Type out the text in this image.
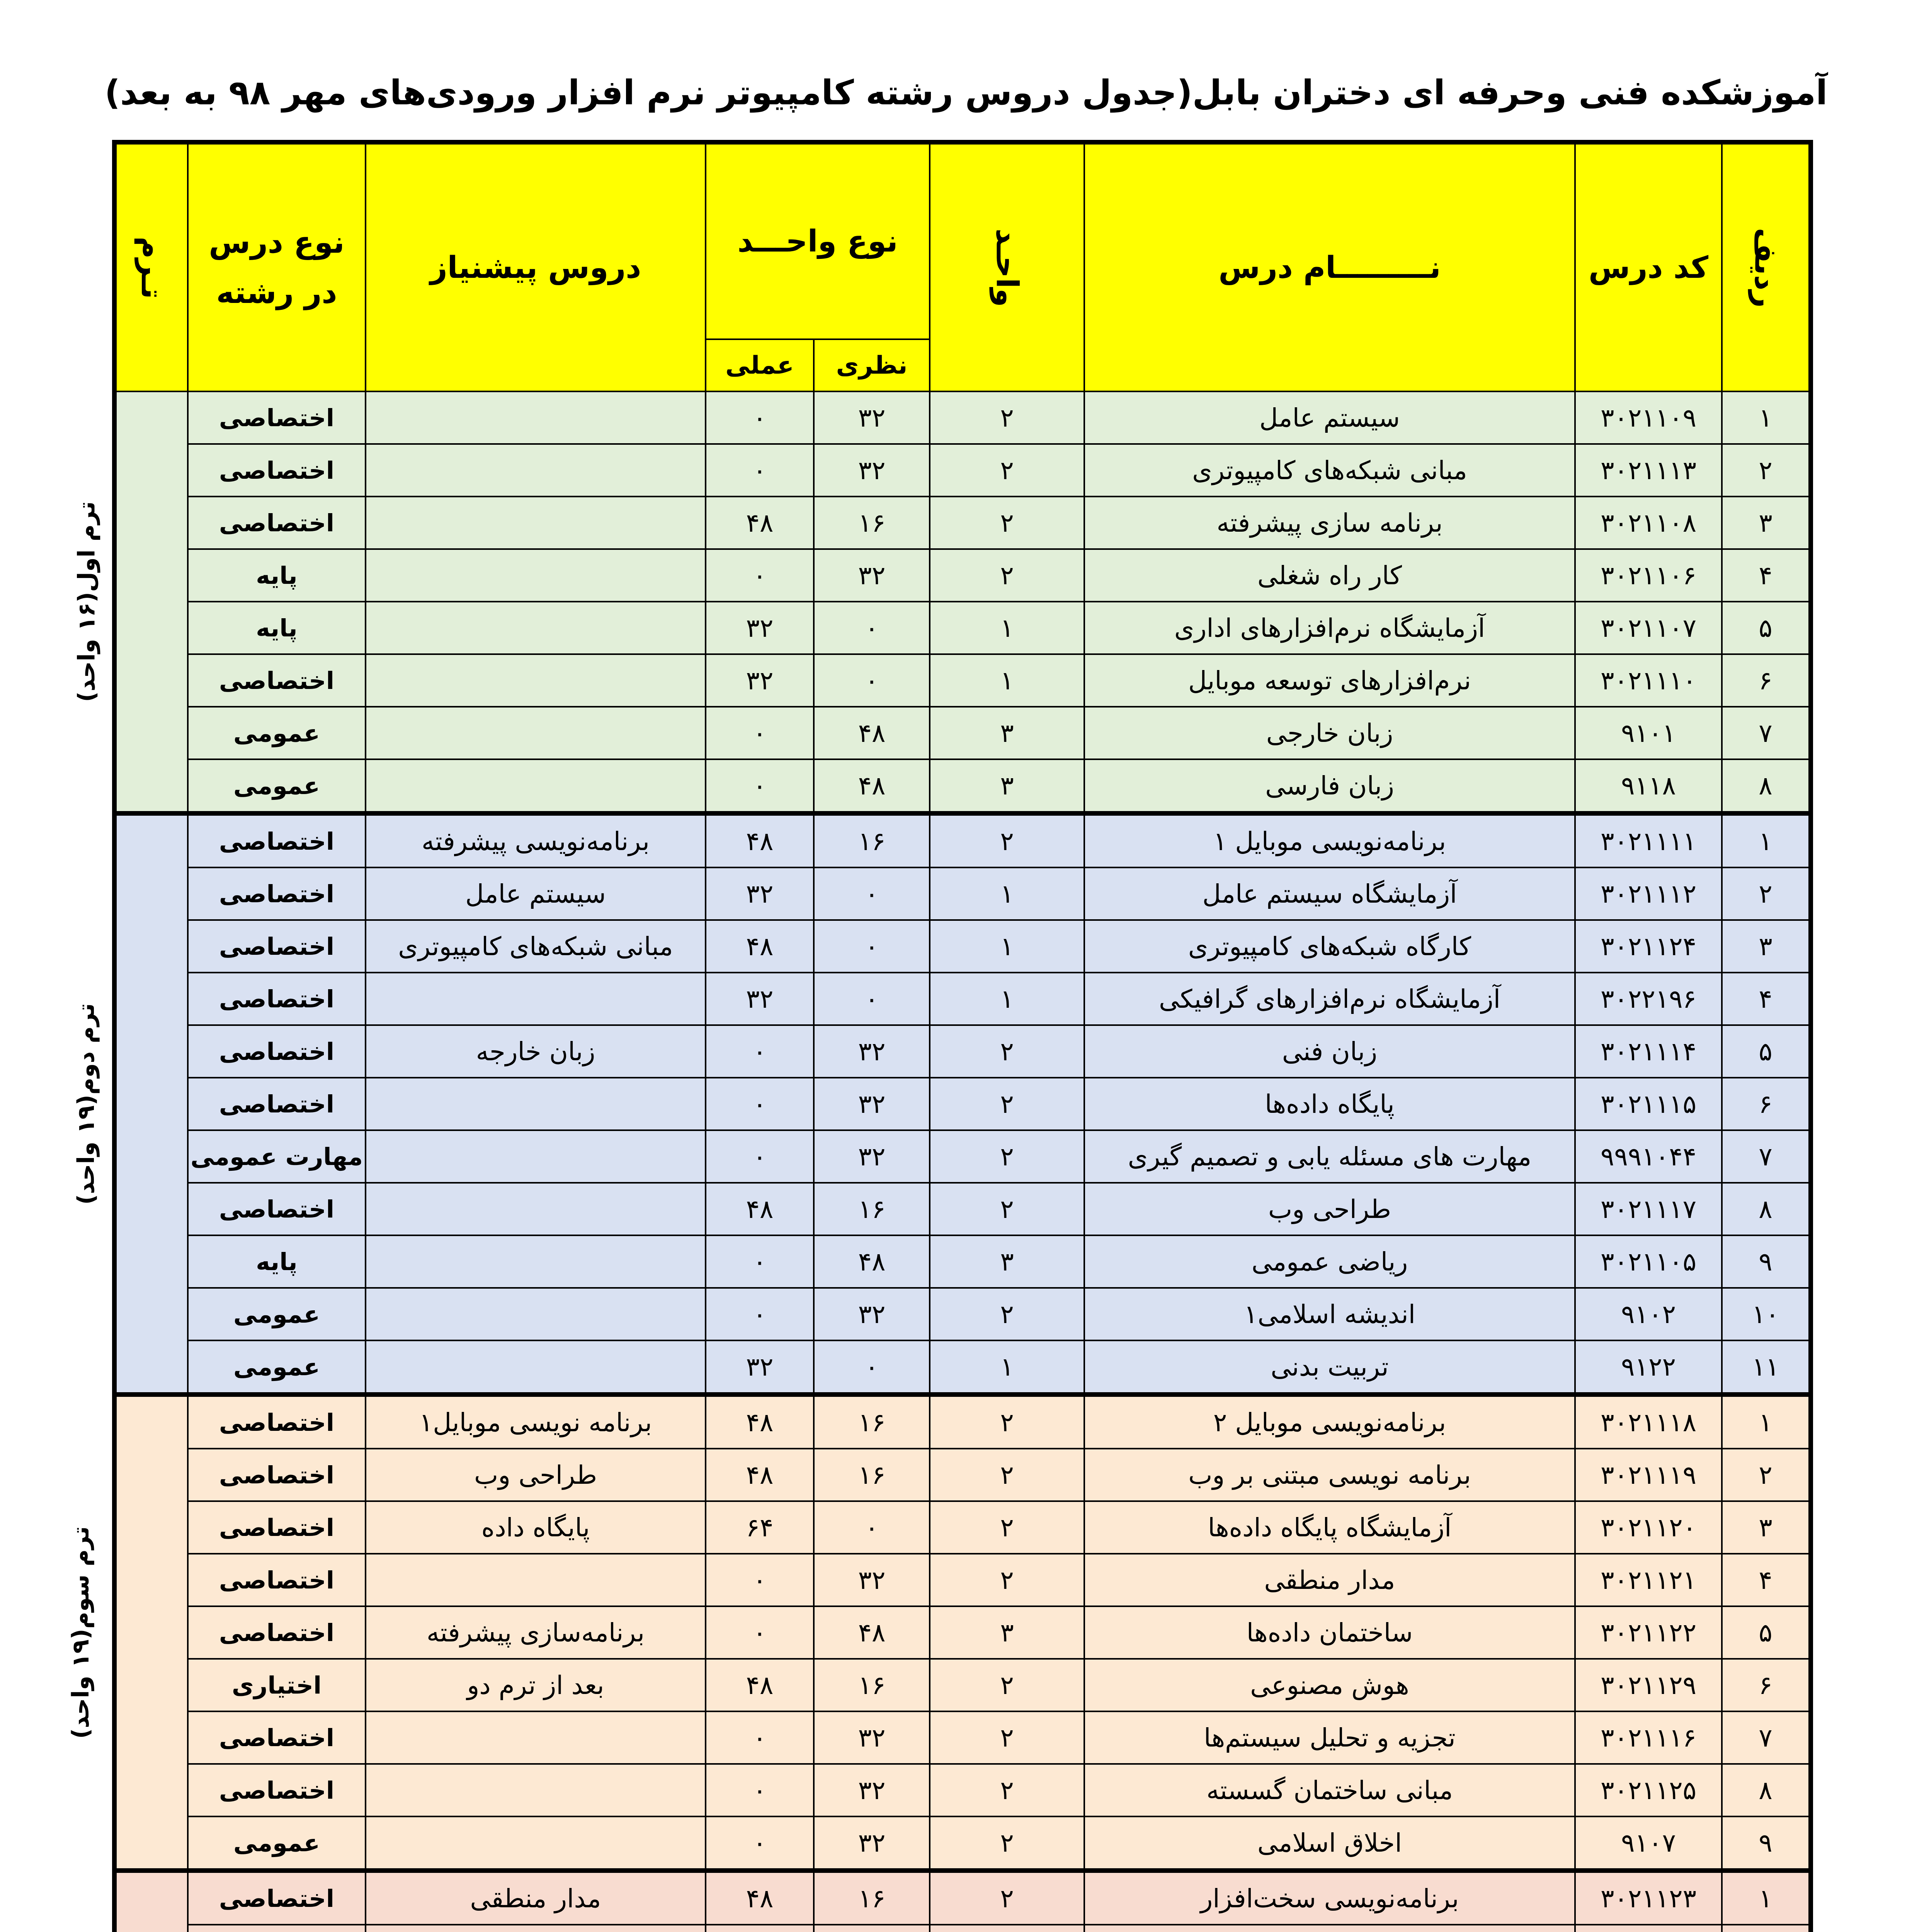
آموزشکده فنی وحرفه ای دختران بابل(جدول دروس رشته کامپیوتر نرم افزار ورودی‌های مهر ۹۸ به بعد)
ردیف	کد درس	نـــــــــام درس	واحـد	نوع واحـــد		دروس پیشنیاز	نوع درس در رشته	تـرم
				نظری	عملی			
۱	۳۰۲۱۱۰۹	سیستم عامل	۲	۳۲	۰		اختصاصی	ترم اول(۱۶ واحد)
۲	۳۰۲۱۱۱۳	مبانی شبکه‌های کامپیوتری	۲	۳۲	۰		اختصاصی	
۳	۳۰۲۱۱۰۸	برنامه سازی پیشرفته	۲	۱۶	۴۸		اختصاصی	
۴	۳۰۲۱۱۰۶	کار راه شغلی	۲	۳۲	۰		پایه	
۵	۳۰۲۱۱۰۷	آزمایشگاه نرم‌افزارهای اداری	۱	۰	۳۲		پایه	
۶	۳۰۲۱۱۱۰	نرم‌افزارهای توسعه موبایل	۱	۰	۳۲		اختصاصی	
۷	۹۱۰۱	زبان خارجی	۳	۴۸	۰		عمومی	
۸	۹۱۱۸	زبان فارسی	۳	۴۸	۰		عمومی	
۱	۳۰۲۱۱۱۱	برنامه‌نویسی موبایل ۱	۲	۱۶	۴۸	برنامه‌نویسی پیشرفته	اختصاصی	ترم دوم(۱۹ واحد)
۲	۳۰۲۱۱۱۲	آزمایشگاه سیستم عامل	۱	۰	۳۲	سیستم عامل	اختصاصی	
۳	۳۰۲۱۱۲۴	کارگاه شبکه‌های کامپیوتری	۱	۰	۴۸	مبانی شبکه‌های کامپیوتری	اختصاصی	
۴	۳۰۲۲۱۹۶	آزمایشگاه نرم‌افزارهای گرافیکی	۱	۰	۳۲		اختصاصی	
۵	۳۰۲۱۱۱۴	زبان فنی	۲	۳۲	۰	زبان خارجه	اختصاصی	
۶	۳۰۲۱۱۱۵	پایگاه داده‌ها	۲	۳۲	۰		اختصاصی	
۷	۹۹۹۱۰۴۴	مهارت های مسئله یابی و تصمیم گیری	۲	۳۲	۰		مهارت عمومی	
۸	۳۰۲۱۱۱۷	طراحی وب	۲	۱۶	۴۸		اختصاصی	
۹	۳۰۲۱۱۰۵	ریاضی عمومی	۳	۴۸	۰		پایه	
۱۰	۹۱۰۲	اندیشه اسلامی۱	۲	۳۲	۰		عمومی	
۱۱	۹۱۲۲	تربیت بدنی	۱	۰	۳۲		عمومی	
۱	۳۰۲۱۱۱۸	برنامه‌نویسی موبایل ۲	۲	۱۶	۴۸	برنامه نویسی موبایل۱	اختصاصی	ترم سوم(۱۹ واحد)
۲	۳۰۲۱۱۱۹	برنامه نویسی مبتنی بر وب	۲	۱۶	۴۸	طراحی وب	اختصاصی	
۳	۳۰۲۱۱۲۰	آزمایشگاه پایگاه داده‌ها	۲	۰	۶۴	پایگاه داده	اختصاصی	
۴	۳۰۲۱۱۲۱	مدار منطقی	۲	۳۲	۰		اختصاصی	
۵	۳۰۲۱۱۲۲	ساختمان داده‌ها	۳	۴۸	۰	برنامه‌سازی پیشرفته	اختصاصی	
۶	۳۰۲۱۱۲۹	هوش مصنوعی	۲	۱۶	۴۸	بعد از ترم دو	اختیاری	
۷	۳۰۲۱۱۱۶	تجزیه و تحلیل سیستم‌ها	۲	۳۲	۰		اختصاصی	
۸	۳۰۲۱۱۲۵	مبانی ساختمان گسسته	۲	۳۲	۰		اختصاصی	
۹	۹۱۰۷	اخلاق اسلامی	۲	۳۲	۰		عمومی	
۱	۳۰۲۱۱۲۳	برنامه‌نویسی سخت‌افزار	۲	۱۶	۴۸	مدار منطقی	اختصاصی	
